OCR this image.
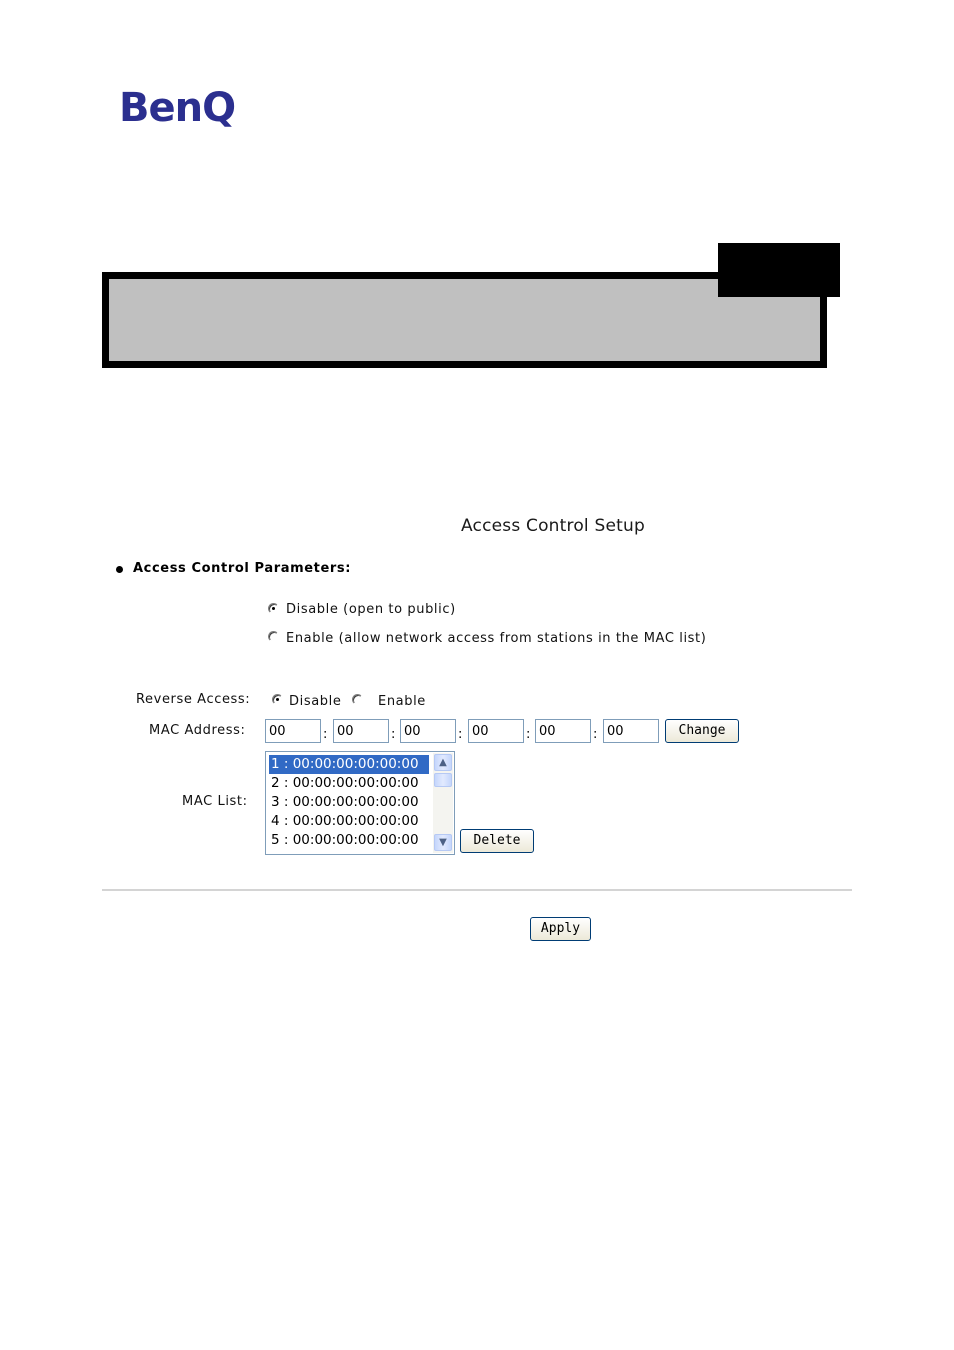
BenQ
Access Control Setup
Access Control Parameters:
Disable (open to public)
Enable (allow network access from stations in the MAC list)
Reverse Access:	Disable	Enable
MAC Address:
00	:
00	:
00	:
00	:
00	:
00	Change
MAC List:
1 : 00:00:00:00:00:00
2 : 00:00:00:00:00:00
3 : 00:00:00:00:00:00
4 : 00:00:00:00:00:00
5 : 00:00:00:00:00:00
▲
▼	Delete
Apply
